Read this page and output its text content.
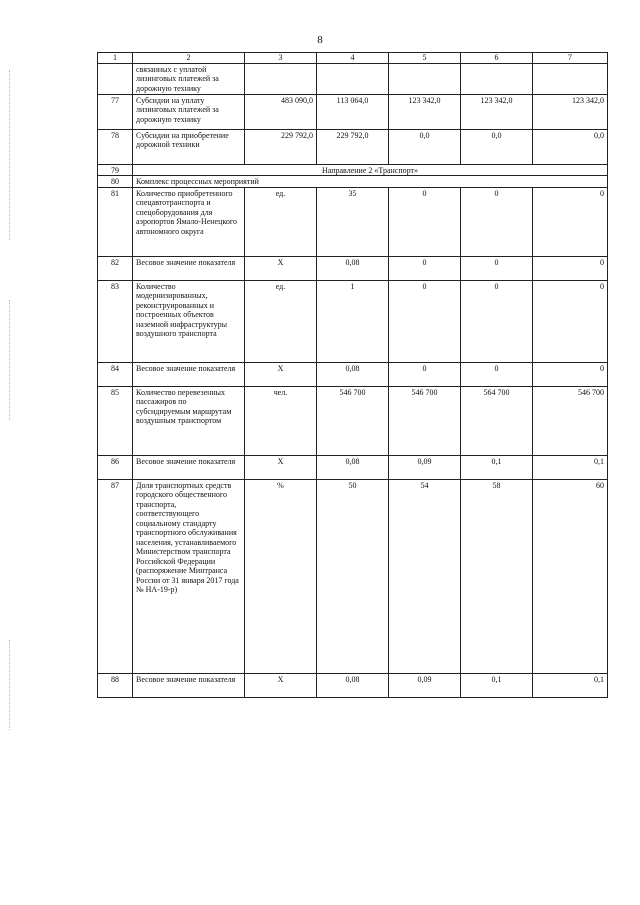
8
1	2	3	4	5	6	7
	связанных с уплатой лизинговых платежей за дорожную технику					
77	Субсидии на уплату лизинговых платежей за дорожную технику	483 090,0	113 064,0	123 342,0	123 342,0	123 342,0
78	Субсидии на приобретение дорожной техники	229 792,0	229 792,0	0,0	0,0	0,0
79	Направление 2 «Транспорт»					
80	Комплекс процессных мероприятий					
81	Количество приобретенного спецавтотранспорта и спецоборудования для аэропортов Ямало-Ненецкого автономного округа	ед.	35	0	0	0
82	Весовое значение показателя	Х	0,08	0	0	0
83	Количество модернизированных, реконструированных и построенных объектов наземной инфраструктуры воздушного транспорта	ед.	1	0	0	0
84	Весовое значение показателя	Х	0,08	0	0	0
85	Количество перевезенных пассажиров по субсидируемым маршрутам воздушным транспортом	чел.	546 700	546 700	564 700	546 700
86	Весовое значение показателя	Х	0,08	0,09	0,1	0,1
87	Доля транспортных средств городского общественного транспорта, соответствующего социальному стандарту транспортного обслуживания населения, устанавливаемого Министерством транспорта Российской Федерации (распоряжение Минтранса России от 31 января 2017 года № НА-19-р)	%	50	54	58	60
88	Весовое значение показателя	Х	0,08	0,09	0,1	0,1
